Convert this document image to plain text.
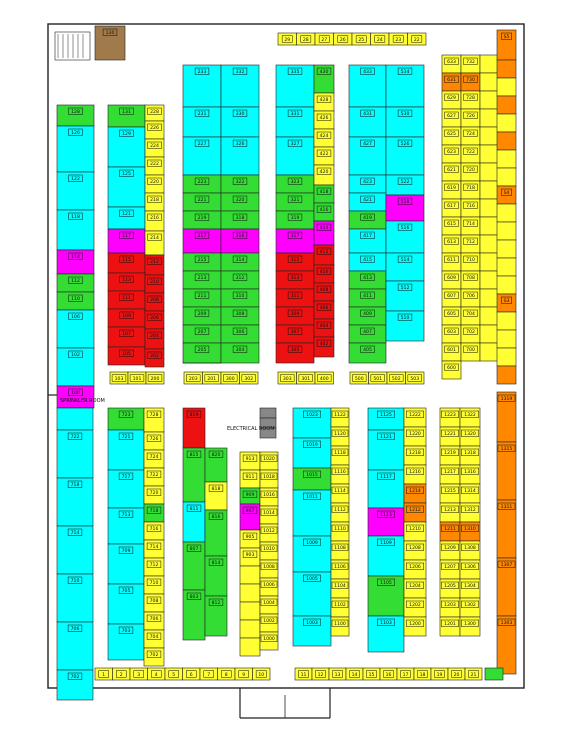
29	28	27	26	25	24	23	22
130
128
126
122
118
114
112
110
106
102
100
131
129
125
121
117
115
113
111
109
107
105
228
226
224
222
220
218
216
214
212
210
208
206
204
202
103 101 200
233
231
227
223
221
219
217
215
213
211
209
207
205
332
330
326
322
320
318
316
314
312
310
308
306
304
203 201 300 302
335
331
327
323
321
319
317
315
313
311
309
307
305
430
428
426
424
422
420
418
416
414
412
410
408
406
404
402
303 301 400
433
431
427
423
421
419
417
415
413
411
409
407
405
534
530
526
522
518
516
514
512
510
500 501 502 503
633
631
629
627
625
623
621
619
617
615
613
611
609
607
605
603
601
600
732
730
728
726
724
722
720
718
716
714
712
710
708
706
704
702
700
S5
S4
S3
722
718
714
710
706
702
723
721
717
713
709
705
703
728
726
724
722
720
718
716
714
712
710
708
706
704
702
819
815
811
807
803
820
818
816
814
812
913
911
909
907
905
903
1020
1018
1016
1014
1012
1010
1008
1006
1004
1002
1000
1023
1019
1015
1011
1009
1005
1003
1122
1120
1118
1116
1114
1112
1110
1108
1106
1104
1102
1100
1125
1121
1117
1113
1109
1105
1103
1222
1220
1218
1216
1214
1212
1210
1208
1206
1204
1202
1200
1223
1221
1219
1217
1215
1213
1211
1209
1207
1205
1203
1201
1322
1320
1318
1316
1314
1312
1310
1308
1306
1304
1302
1300
1319
1315
1311
1307
1303
1	2	3	4	5	6	7	8	9	10	11 12 13 14 15 16 17 18 19 20 21
SPRINKLER ROOM
ELECTRICAL ROOM
